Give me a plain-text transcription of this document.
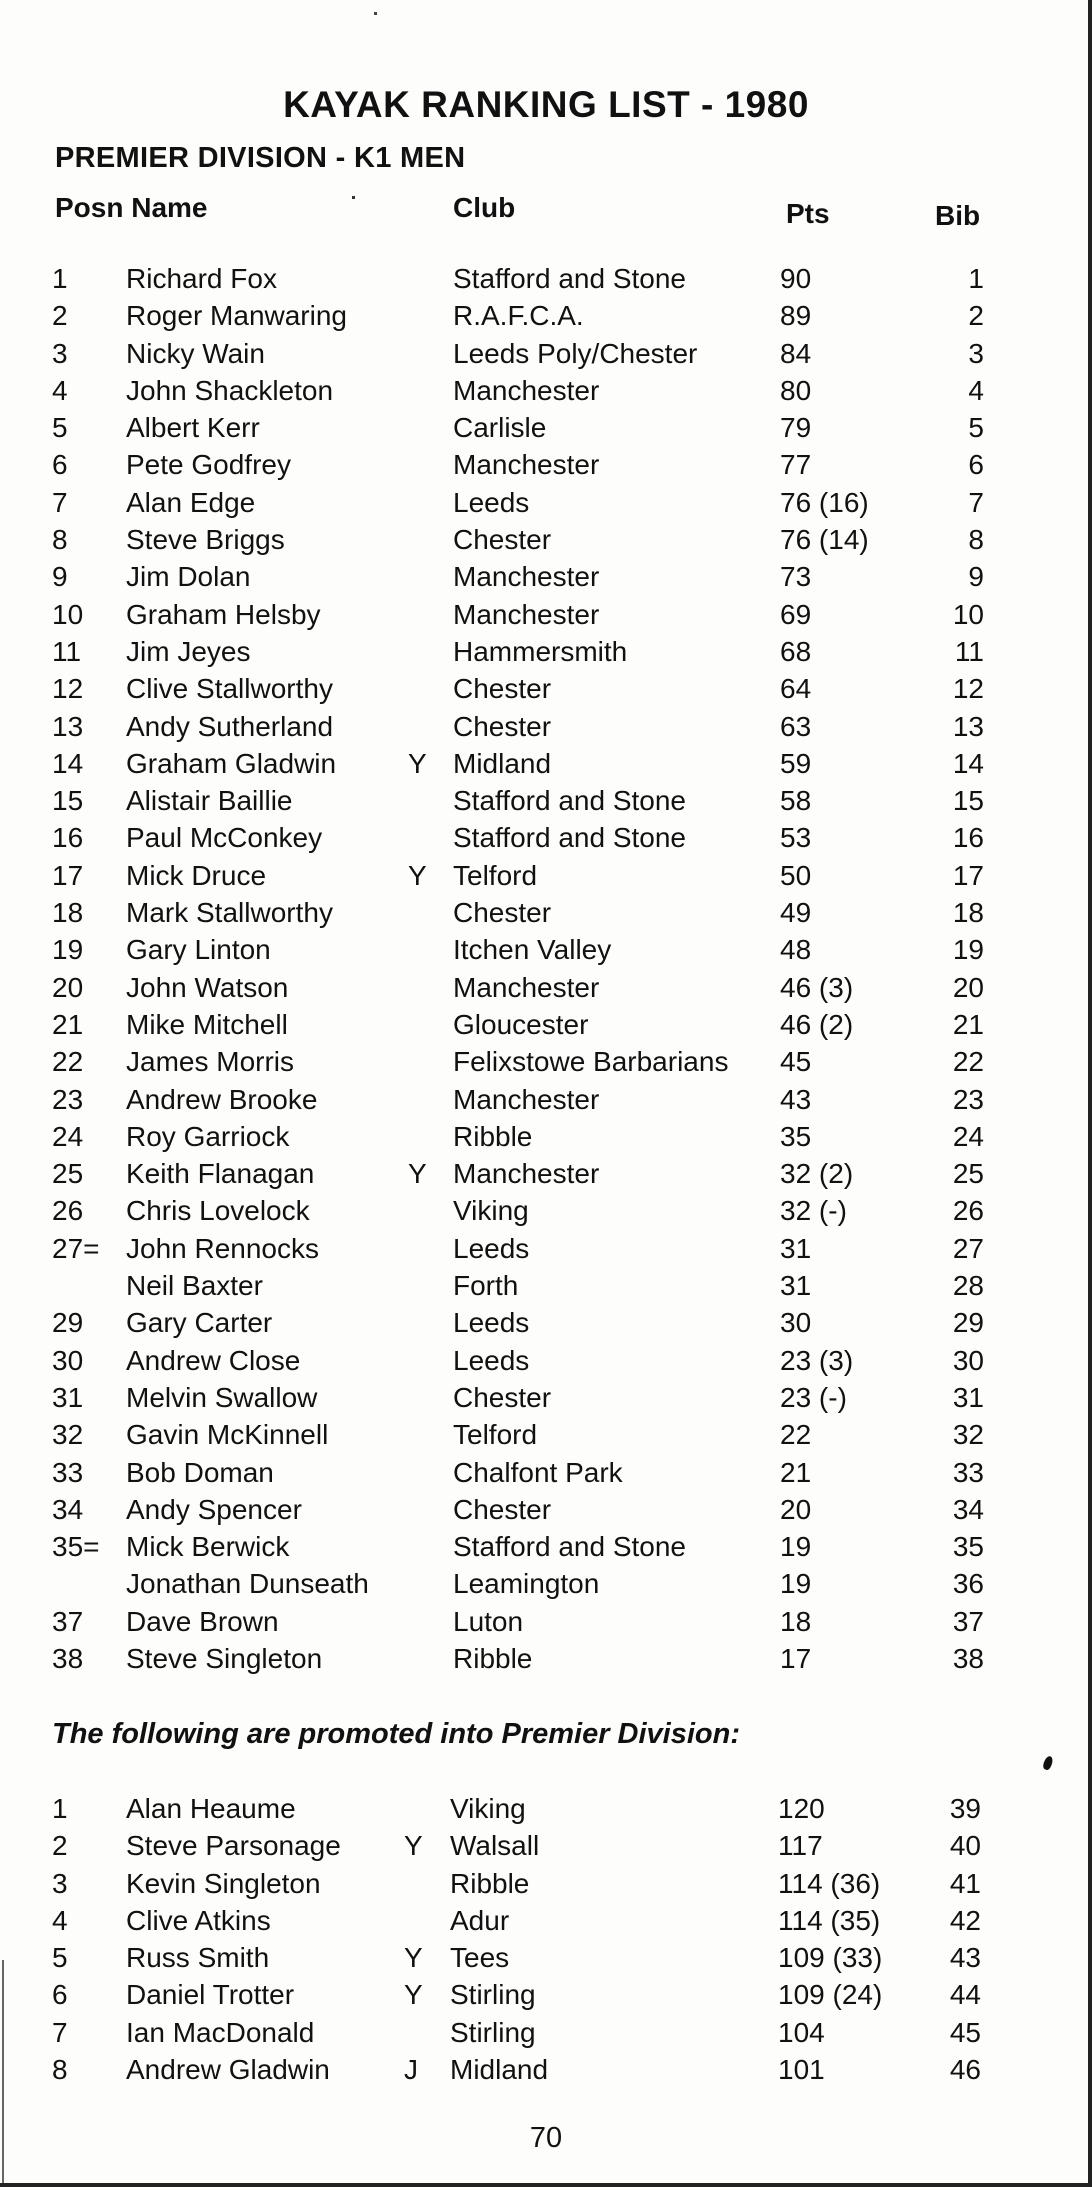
KAYAK RANKING LIST - 1980
PREMIER DIVISION - K1 MEN
Posn Name	Club	Pts	Bib
1 Richard Fox	Stafford and Stone	90	1
2 Roger Manwaring	R.A.F.C.A.	89	2
3 Nicky Wain	Leeds Poly/Chester	84	3
4 John Shackleton	Manchester	80	4
5 Albert Kerr	Carlisle	79	5
6 Pete Godfrey	Manchester	77	6
7 Alan Edge	Leeds	76 (16)	7
8 Steve Briggs	Chester	76 (14)	8
9 Jim Dolan	Manchester	73	9
10 Graham Helsby	Manchester	69	10
11 Jim Jeyes	Hammersmith	68	11
12 Clive Stallworthy	Chester	64	12
13 Andy Sutherland	Chester	63	13
14 Graham Gladwin	Y Midland	59	14
15 Alistair Baillie	Stafford and Stone	58	15
16 Paul McConkey	Stafford and Stone	53	16
17 Mick Druce	Y Telford	50	17
18 Mark Stallworthy	Chester	49	18
19 Gary Linton	Itchen Valley	48	19
20 John Watson	Manchester	46 (3)	20
21 Mike Mitchell	Gloucester	46 (2)	21
22 James Morris	Felixstowe Barbarians 45	22
23 Andrew Brooke	Manchester	43	23
24 Roy Garriock	Ribble	35	24
25 Keith Flanagan	Y Manchester	32 (2)	25
26 Chris Lovelock	Viking	32 (-)	26
27= John Rennocks	Leeds	31	27
Neil Baxter	Forth	31	28
29 Gary Carter	Leeds	30	29
30 Andrew Close	Leeds	23 (3)	30
31 Melvin Swallow	Chester	23 (-)	31
32 Gavin McKinnell	Telford	22	32
33 Bob Doman	Chalfont Park	21	33
34 Andy Spencer	Chester	20	34
35= Mick Berwick	Stafford and Stone	19	35
Jonathan Dunseath	Leamington	19	36
37 Dave Brown	Luton	18	37
38 Steve Singleton	Ribble	17	38
The following are promoted into Premier Division:
1 Alan Heaume	Viking	120	39
2 Steve Parsonage Y Walsall	117	40
3 Kevin Singleton	Ribble	114 (36) 41
4 Clive Atkins	Adur	114 (35) 42
5 Russ Smith	Y Tees	109 (33) 43
6 Daniel Trotter	Y Stirling	109 (24) 44
7 Ian MacDonald	Stirling	104	45
8 Andrew Gladwin	J Midland	101	46
70
